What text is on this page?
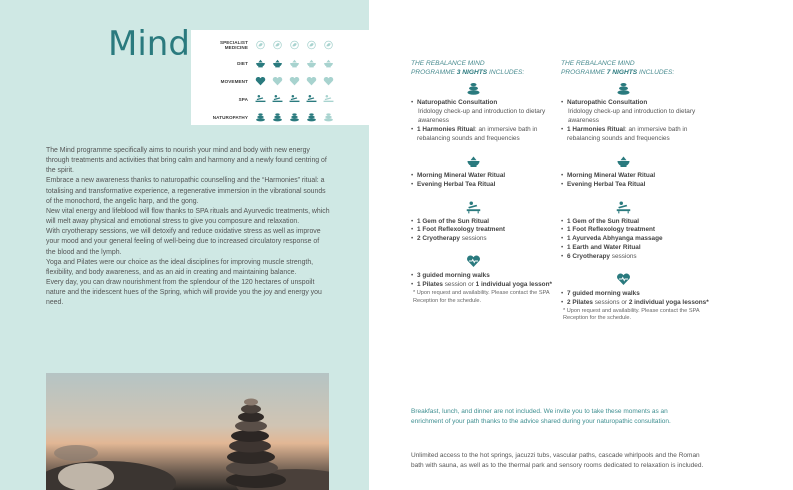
Mind	SPECIALIST MEDICINE
DIET
MOVEMENT
SPA
NATUROPATHY

The Mind programme specifically aims to nourish your mind and body with new energy through treatments and activities that bring calm and harmony and a newly found centring of the spirit.

Embrace a new awareness thanks to naturopathic counselling and the “Harmonies” ritual: a totalising and transformative experience, a regenerative immersion in the vibrational sounds of the monochord, the angelic harp, and the gong.

New vital energy and lifeblood will flow thanks to SPA rituals and Ayurvedic treatments, which will melt away physical and emotional stress to give you composure and relaxation.

With cryotherapy sessions, we will detoxify and reduce oxidative stress as well as improve your mood and your general feeling of well-being due to increased circulatory response of the blood and the lymph.

Yoga and Pilates were our choice as the ideal disciplines for improving muscle strength, flexibility, and body awareness, and as an aid in creating and maintaining balance.

Every day, you can draw nourishment from the splendour of the 120 hectares of unspoilt nature and the iridescent hues of the Spring, which will provide you the joy and energy you need.

THE REBALANCE MIND
PROGRAMME 3 NIGHTS INCLUDES:
• Naturopathic Consultation
Iridology check-up and introduction to dietary awareness
• 1 Harmonies Ritual: an immersive bath in rebalancing sounds and frequencies
• Morning Mineral Water Ritual
• Evening Herbal Tea Ritual
• 1 Gem of the Sun Ritual
• 1 Foot Reflexology treatment
• 2 Cryotherapy sessions
• 3 guided morning walks
• 1 Pilates session or 1 individual yoga lesson*
* Upon request and availability. Please contact the SPA Reception for the schedule.
THE REBALANCE MIND
PROGRAMME 7 NIGHTS INCLUDES:
• Naturopathic Consultation
Iridology check-up and introduction to dietary awareness
• 1 Harmonies Ritual: an immersive bath in rebalancing sounds and frequencies
• Morning Mineral Water Ritual
• Evening Herbal Tea Ritual
• 1 Gem of the Sun Ritual
• 1 Foot Reflexology treatment
• 1 Ayurveda Abhyanga massage
• 1 Earth and Water Ritual
• 6 Cryotherapy sessions
• 7 guided morning walks
• 2 Pilates sessions or 2 individual yoga lessons*
* Upon request and availability. Please contact the SPA Reception for the schedule.
Breakfast, lunch, and dinner are not included. We invite you to take these moments as an enrichment of your path thanks to the advice shared during your naturopathic consultation.
Unlimited access to the hot springs, jacuzzi tubs, vascular paths, cascade whirlpools and the Roman bath with sauna, as well as to the thermal park and sensory rooms dedicated to relaxation is included.
